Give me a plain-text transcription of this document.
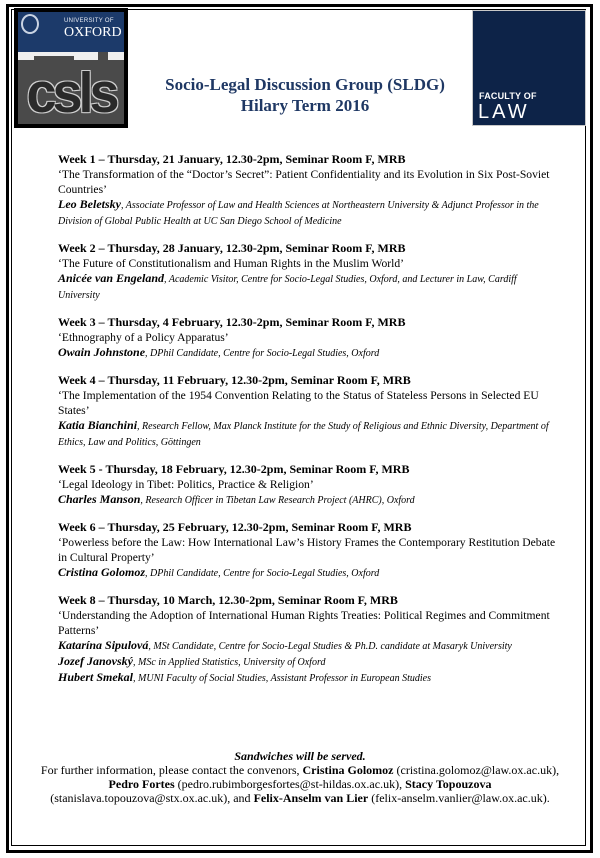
UNIVERSITY OF
OXFORD
csls	Socio-Legal Discussion Group (SLDG)
Hilary Term 2016	FACULTY OF
LAW
Week 1 – Thursday, 21 January, 12.30-2pm, Seminar Room F, MRB
‘The Transformation of the “Doctor’s Secret”: Patient Confidentiality and its Evolution in Six Post-Soviet Countries’
Leo Beletsky, Associate Professor of Law and Health Sciences at Northeastern University & Adjunct Professor in the Division of Global Public Health at UC San Diego School of Medicine
Week 2 – Thursday, 28 January, 12.30-2pm, Seminar Room F, MRB
‘The Future of Constitutionalism and Human Rights in the Muslim World’
Anicée van Engeland, Academic Visitor, Centre for Socio-Legal Studies, Oxford, and Lecturer in Law, Cardiff University
Week 3 – Thursday, 4 February, 12.30-2pm, Seminar Room F, MRB
‘Ethnography of a Policy Apparatus’
Owain Johnstone, DPhil Candidate, Centre for Socio-Legal Studies, Oxford
Week 4 – Thursday, 11 February, 12.30-2pm, Seminar Room F, MRB
‘The Implementation of the 1954 Convention Relating to the Status of Stateless Persons in Selected EU States’
Katia Bianchini, Research Fellow, Max Planck Institute for the Study of Religious and Ethnic Diversity, Department of Ethics, Law and Politics, Göttingen
Week 5 - Thursday, 18 February, 12.30-2pm, Seminar Room F, MRB
‘Legal Ideology in Tibet: Politics, Practice & Religion’
Charles Manson, Research Officer in Tibetan Law Research Project (AHRC), Oxford
Week 6 – Thursday, 25 February, 12.30-2pm, Seminar Room F, MRB
‘Powerless before the Law: How International Law’s History Frames the Contemporary Restitution Debate in Cultural Property’
Cristina Golomoz, DPhil Candidate, Centre for Socio-Legal Studies, Oxford
Week 8 – Thursday, 10 March, 12.30-2pm, Seminar Room F, MRB
‘Understanding the Adoption of International Human Rights Treaties: Political Regimes and Commitment Patterns’
Katarína Sipulová, MSt Candidate, Centre for Socio-Legal Studies & Ph.D. candidate at Masaryk University
Jozef Janovský, MSc in Applied Statistics, University of Oxford
Hubert Smekal, MUNI Faculty of Social Studies, Assistant Professor in European Studies
Sandwiches will be served.
For further information, please contact the convenors, Cristina Golomoz (cristina.golomoz@law.ox.ac.uk), Pedro Fortes (pedro.rubimborgesfortes@st-hildas.ox.ac.uk), Stacy Topouzova (stanislava.topouzova@stx.ox.ac.uk), and Felix-Anselm van Lier (felix-anselm.vanlier@law.ox.ac.uk).
